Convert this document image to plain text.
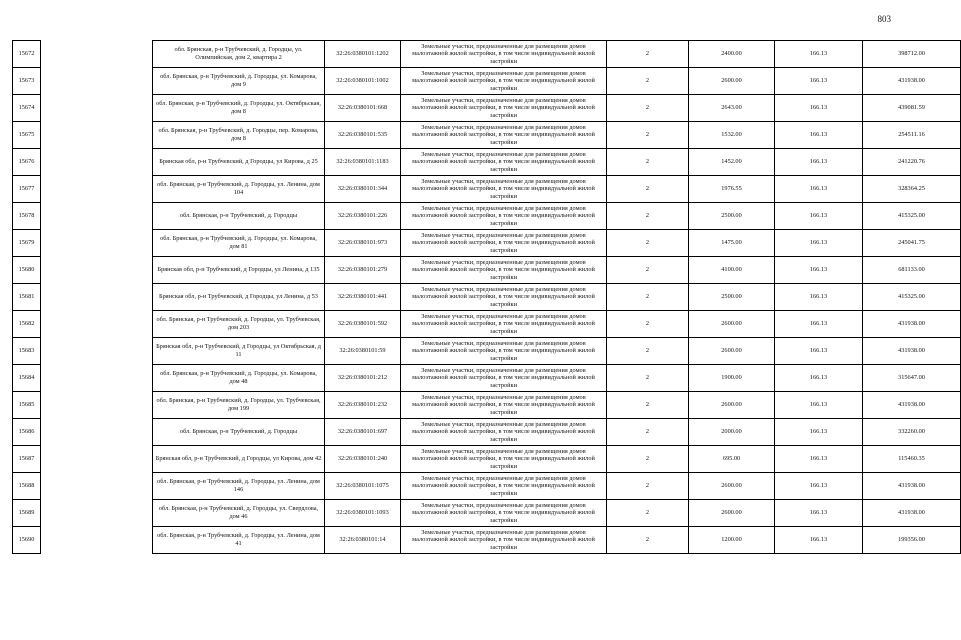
803
15672		обл. Брянская, р-н Трубчевский, д. Городцы, ул. Олимпийская, дом 2, квартира 2	32:26:0380101:1202	Земельные участки, предназначенные для размещения домов малоэтажной жилой застройки, в том числе индивидуальной жилой застройки	2	2400.00	166.13	398712.00
15673		обл. Брянская, р-н Трубчевский, д. Городцы, ул. Комарова, дом 9	32:26:0380101:1002	Земельные участки, предназначенные для размещения домов малоэтажной жилой застройки, в том числе индивидуальной жилой застройки	2	2600.00	166.13	431938.00
15674		обл. Брянская, р-н Трубчевский, д. Городцы, ул. Октябрьская, дом 8	32:26:0380101:668	Земельные участки, предназначенные для размещения домов малоэтажной жилой застройки, в том числе индивидуальной жилой застройки	2	2643.00	166.13	439081.59
15675		обл. Брянская, р-н Трубчевский, д. Городцы, пер. Комарова, дом 8	32:26:0380101:535	Земельные участки, предназначенные для размещения домов малоэтажной жилой застройки, в том числе индивидуальной жилой застройки	2	1532.00	166.13	254511.16
15676		Брянская обл, р-н Трубчевский, д Городцы, ул Кирова, д 25	32:26:0380101:1183	Земельные участки, предназначенные для размещения домов малоэтажной жилой застройки, в том числе индивидуальной жилой застройки	2	1452.00	166.13	241220.76
15677		обл. Брянская, р-н Трубчевский, д. Городцы, ул. Ленина, дом 104	32:26:0380101:344	Земельные участки, предназначенные для размещения домов малоэтажной жилой застройки, в том числе индивидуальной жилой застройки	2	1976.55	166.13	328364.25
15678		обл. Брянская, р-н Трубчевский, д. Городцы	32:26:0380101:226	Земельные участки, предназначенные для размещения домов малоэтажной жилой застройки, в том числе индивидуальной жилой застройки	2	2500.00	166.13	415325.00
15679		обл. Брянская, р-н Трубчевский, д. Городцы, ул. Комарова, дом 81	32:26:0380101:973	Земельные участки, предназначенные для размещения домов малоэтажной жилой застройки, в том числе индивидуальной жилой застройки	2	1475.00	166.13	245041.75
15680		Брянская обл, р-н Трубчевский, д Городцы, ул Ленина, д 135	32:26:0380101:279	Земельные участки, предназначенные для размещения домов малоэтажной жилой застройки, в том числе индивидуальной жилой застройки	2	4100.00	166.13	681133.00
15681		Брянская обл, р-н Трубчевский, д Городцы, ул Ленина, д 53	32:26:0380101:441	Земельные участки, предназначенные для размещения домов малоэтажной жилой застройки, в том числе индивидуальной жилой застройки	2	2500.00	166.13	415325.00
15682		обл. Брянская, р-н Трубчевский, д. Городцы, ул. Трубчевская, дом 203	32:26:0380101:592	Земельные участки, предназначенные для размещения домов малоэтажной жилой застройки, в том числе индивидуальной жилой застройки	2	2600.00	166.13	431938.00
15683		Брянская обл, р-н Трубчевский, д Городцы, ул Октябрьская, д 11	32:26:0380101:59	Земельные участки, предназначенные для размещения домов малоэтажной жилой застройки, в том числе индивидуальной жилой застройки	2	2600.00	166.13	431938.00
15684		обл. Брянская, р-н Трубчевский, д. Городцы, ул. Комарова, дом 48	32:26:0380101:212	Земельные участки, предназначенные для размещения домов малоэтажной жилой застройки, в том числе индивидуальной жилой застройки	2	1900.00	166.13	315647.00
15685		обл. Брянская, р-н Трубчевский, д. Городцы, ул. Трубчевская, дом 199	32:26:0380101:232	Земельные участки, предназначенные для размещения домов малоэтажной жилой застройки, в том числе индивидуальной жилой застройки	2	2600.00	166.13	431938.00
15686		обл. Брянская, р-н Трубчевский, д. Городцы	32:26:0380101:697	Земельные участки, предназначенные для размещения домов малоэтажной жилой застройки, в том числе индивидуальной жилой застройки	2	2000.00	166.13	332260.00
15687		Брянская обл, р-н Трубчевский, д Городцы, ул Кирова, дом 42	32:26:0380101:240	Земельные участки, предназначенные для размещения домов малоэтажной жилой застройки, в том числе индивидуальной жилой застройки	2	695.00	166.13	115460.35
15688		обл. Брянская, р-н Трубчевский, д. Городцы, ул. Ленина, дом 146	32:26:0380101:1075	Земельные участки, предназначенные для размещения домов малоэтажной жилой застройки, в том числе индивидуальной жилой застройки	2	2600.00	166.13	431938.00
15689		обл. Брянская, р-н Трубчевский, д. Городцы, ул. Свердлова, дом 46	32:26:0380101:1093	Земельные участки, предназначенные для размещения домов малоэтажной жилой застройки, в том числе индивидуальной жилой застройки	2	2600.00	166.13	431938.00
15690		обл. Брянская, р-н Трубчевский, д. Городцы, ул. Ленина, дом 41	32:26:0380101:14	Земельные участки, предназначенные для размещения домов малоэтажной жилой застройки, в том числе индивидуальной жилой застройки	2	1200.00	166.13	199356.00
